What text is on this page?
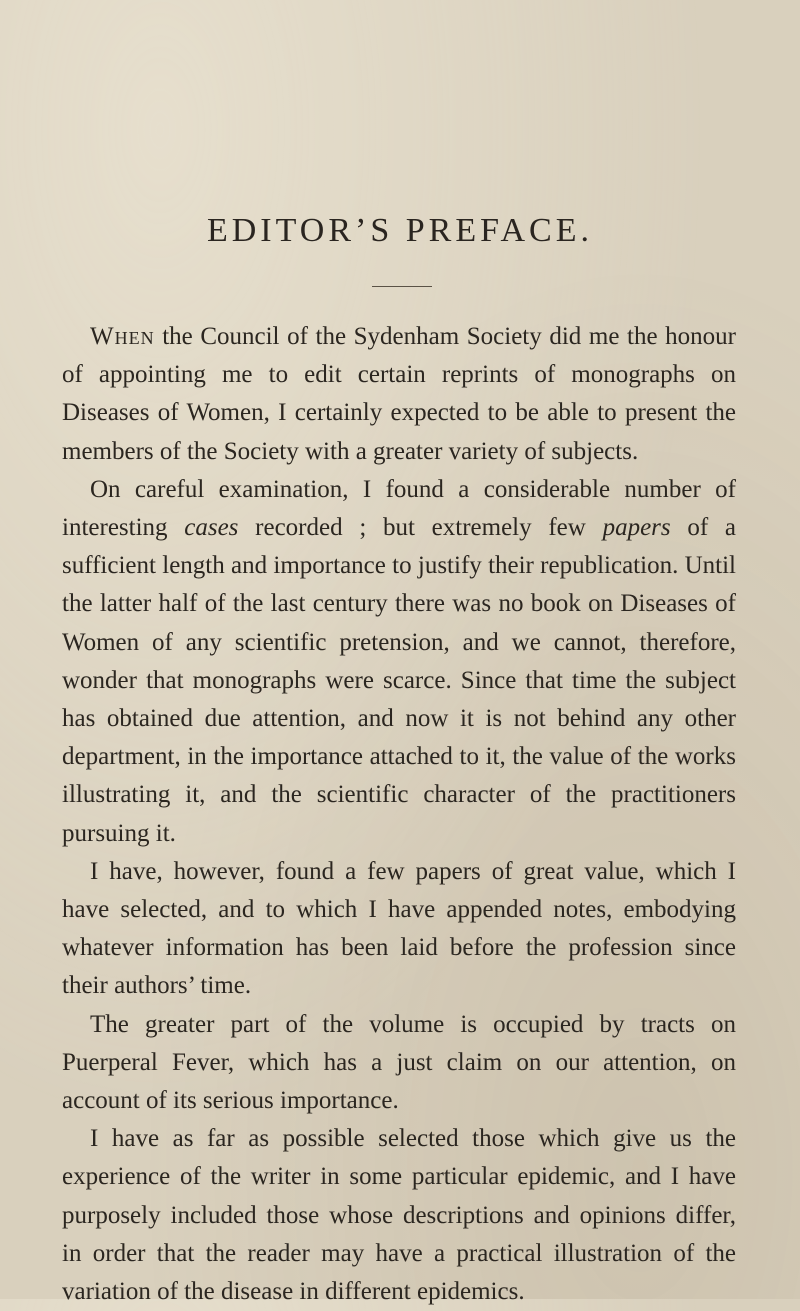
EDITOR’S PREFACE.

When the Council of the Sydenham Society did me the honour of appointing me to edit certain reprints of monographs on Diseases of Women, I certainly expected to be able to present the members of the Society with a greater variety of subjects.

On careful examination, I found a considerable number of interesting cases recorded ; but extremely few papers of a sufficient length and importance to justify their republication. Until the latter half of the last century there was no book on Diseases of Women of any scientific pretension, and we cannot, therefore, wonder that monographs were scarce. Since that time the subject has obtained due attention, and now it is not behind any other department, in the importance attached to it, the value of the works illustrating it, and the scientific character of the practitioners pursuing it.

I have, however, found a few papers of great value, which I have selected, and to which I have appended notes, embodying whatever information has been laid before the profession since their authors’ time.

The greater part of the volume is occupied by tracts on Puerperal Fever, which has a just claim on our attention, on account of its serious importance.

I have as far as possible selected those which give us the experience of the writer in some particular epidemic, and I have purposely included those whose descriptions and opinions differ, in order that the reader may have a practical illustration of the variation of the disease in different epidemics.
